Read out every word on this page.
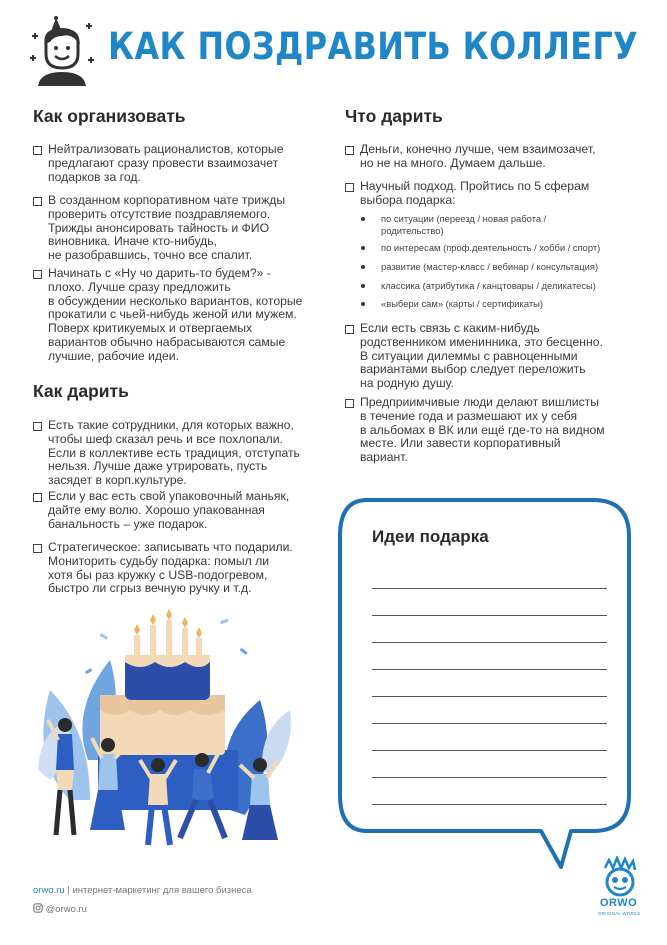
КАК ПОЗДРАВИТЬ КОЛЛЕГУ
Как организовать
Нейтрализовать рационалистов, которые
предлагают сразу провести взаимозачет
подарков за год.
В созданном корпоративном чате трижды
проверить отсутствие поздравляемого.
Трижды анонсировать тайность и ФИО
виновника. Иначе кто-нибудь,
не разобравшись, точно все спалит.
Начинать с «Ну чо дарить-то будем?» -
плохо. Лучше сразу предложить
в обсуждении несколько вариантов, которые
прокатили с чьей-нибудь женой или мужем.
Поверх критикуемых и отвергаемых
вариантов обычно набрасываются самые
лучшие, рабочие идеи.
Как дарить
Есть такие сотрудники, для которых важно,
чтобы шеф сказал речь и все похлопали.
Если в коллективе есть традиция, отступать
нельзя. Лучше даже утрировать, пусть
засядет в корп.культуре.
Если у вас есть свой упаковочный маньяк,
дайте ему волю. Хорошо упакованная
банальность – уже подарок.
Стратегическое: записывать что подарили.
Мониторить судьбу подарка: помыл ли
хотя бы раз кружку с USB-подогревом,
быстро ли сгрыз вечную ручку и т.д.
Что дарить
Деньги, конечно лучше, чем взаимозачет,
но не на много. Думаем дальше.
Научный подход. Пройтись по 5 сферам
выбора подарка:
по ситуации (переезд / новая работа /
родительство)
по интересам (проф.деятельность / хобби / спорт)
развитие (мастер-класс / вебинар / консультация)
классика (атрибутика / канцтовары / деликатесы)
«выбери сам» (карты / сертификаты)
Если есть связь с каким-нибудь
родственником именинника, это бесценно.
В ситуации дилеммы с равноценными
вариантами выбор следует переложить
на родную душу.
Предприимчивые люди делают вишлисты
в течение года и размешают их у себя
в альбомах в ВК или ещё где-то на видном
месте. Или завести корпоративный
вариант.
Идеи подарка
orwo.ru | интернет-маркетинг для вашего бизнеса
@orwo.ru
ORWO
ORIGINAL WORKS
